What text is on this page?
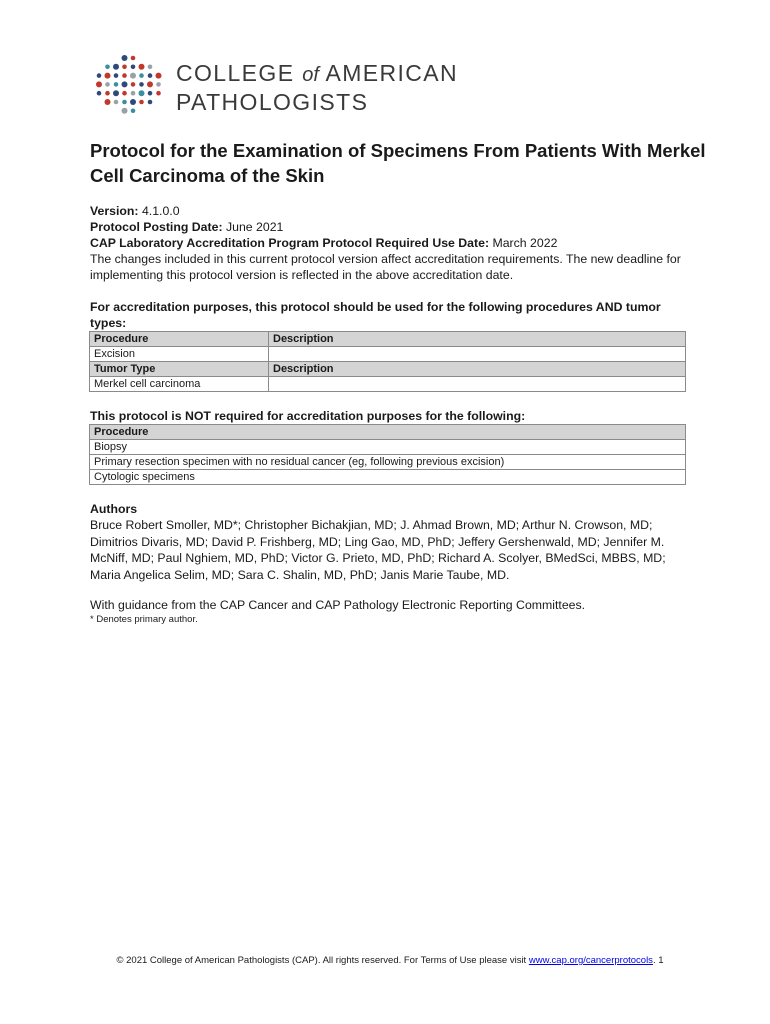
COLLEGE of AMERICAN
PATHOLOGISTS
Protocol for the Examination of Specimens From Patients With Merkel Cell Carcinoma of the Skin

Version: 4.1.0.0

Protocol Posting Date: June 2021

CAP Laboratory Accreditation Program Protocol Required Use Date: March 2022

The changes included in this current protocol version affect accreditation requirements. The new deadline for implementing this protocol version is reflected in the above accreditation date.

For accreditation purposes, this protocol should be used for the following procedures AND tumor types:
Procedure	Description
Excision	
Tumor Type	Description
Merkel cell carcinoma	
This protocol is NOT required for accreditation purposes for the following:
Procedure
Biopsy
Primary resection specimen with no residual cancer (eg, following previous excision)
Cytologic specimens
Authors

Bruce Robert Smoller, MD*; Christopher Bichakjian, MD; J. Ahmad Brown, MD; Arthur N. Crowson, MD; Dimitrios Divaris, MD; David P. Frishberg, MD; Ling Gao, MD, PhD; Jeffery Gershenwald, MD; Jennifer M. McNiff, MD; Paul Nghiem, MD, PhD; Victor G. Prieto, MD, PhD; Richard A. Scolyer, BMedSci, MBBS, MD; Maria Angelica Selim, MD; Sara C. Shalin, MD, PhD; Janis Marie Taube, MD.

With guidance from the CAP Cancer and CAP Pathology Electronic Reporting Committees.
* Denotes primary author.
© 2021 College of American Pathologists (CAP). All rights reserved. For Terms of Use please visit www.cap.org/cancerprotocols. 1
